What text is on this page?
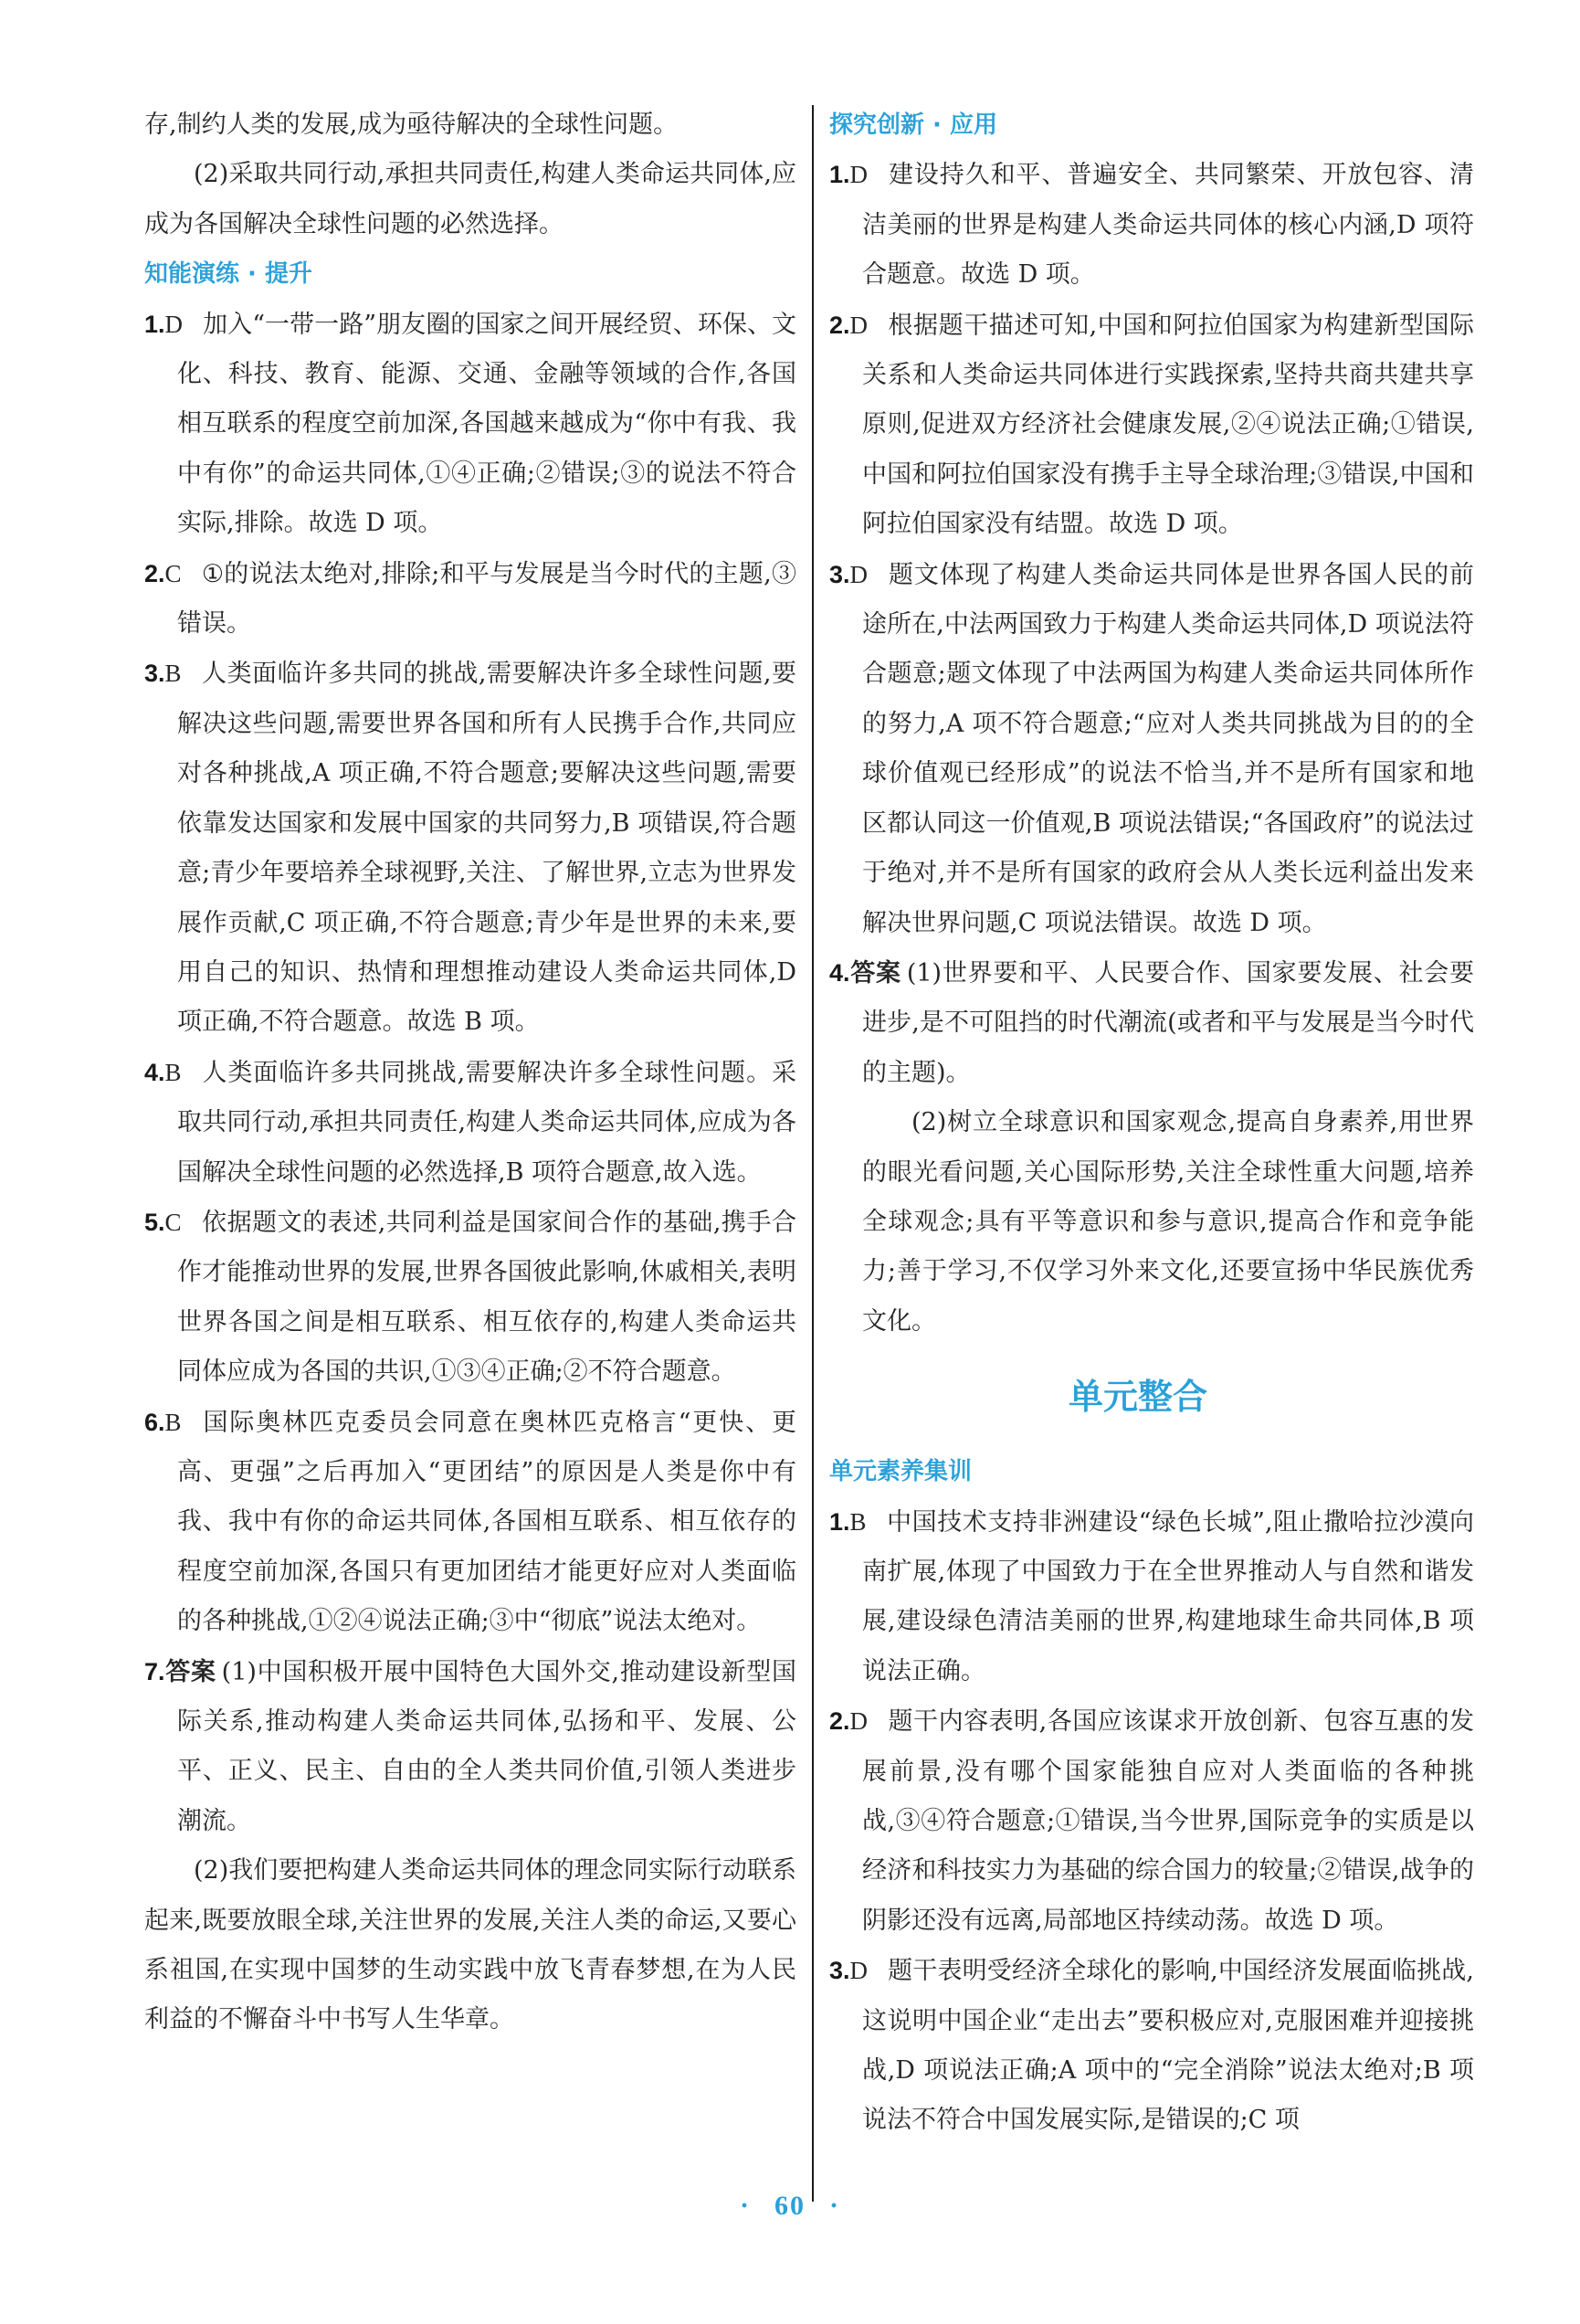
存,制约人类的发展,成为亟待解决的全球性问题。
(2)采取共同行动,承担共同责任,构建人类命运共同体,应成为各国解决全球性问题的必然选择。
知能演练 · 提升
1.D 加入“一带一路”朋友圈的国家之间开展经贸、环保、文化、科技、教育、能源、交通、金融等领域的合作,各国相互联系的程度空前加深,各国越来越成为“你中有我、我中有你”的命运共同体,①④正确;②错误;③的说法不符合实际,排除。故选 D 项。
2.C ①的说法太绝对,排除;和平与发展是当今时代的主题,③错误。
3.B 人类面临许多共同的挑战,需要解决许多全球性问题,要解决这些问题,需要世界各国和所有人民携手合作,共同应对各种挑战,A 项正确,不符合题意;要解决这些问题,需要依靠发达国家和发展中国家的共同努力,B 项错误,符合题意;青少年要培养全球视野,关注、了解世界,立志为世界发展作贡献,C 项正确,不符合题意;青少年是世界的未来,要用自己的知识、热情和理想推动建设人类命运共同体,D 项正确,不符合题意。故选 B 项。
4.B 人类面临许多共同挑战,需要解决许多全球性问题。采取共同行动,承担共同责任,构建人类命运共同体,应成为各国解决全球性问题的必然选择,B 项符合题意,故入选。
5.C 依据题文的表述,共同利益是国家间合作的基础,携手合作才能推动世界的发展,世界各国彼此影响,休戚相关,表明世界各国之间是相互联系、相互依存的,构建人类命运共同体应成为各国的共识,①③④正确;②不符合题意。
6.B 国际奥林匹克委员会同意在奥林匹克格言“更快、更高、更强”之后再加入“更团结”的原因是人类是你中有我、我中有你的命运共同体,各国相互联系、相互依存的程度空前加深,各国只有更加团结才能更好应对人类面临的各种挑战,①②④说法正确;③中“彻底”说法太绝对。
7.答案 (1)中国积极开展中国特色大国外交,推动建设新型国际关系,推动构建人类命运共同体,弘扬和平、发展、公平、正义、民主、自由的全人类共同价值,引领人类进步潮流。
(2)我们要把构建人类命运共同体的理念同实际行动联系起来,既要放眼全球,关注世界的发展,关注人类的命运,又要心系祖国,在实现中国梦的生动实践中放飞青春梦想,在为人民利益的不懈奋斗中书写人生华章。
探究创新 · 应用
1.D 建设持久和平、普遍安全、共同繁荣、开放包容、清洁美丽的世界是构建人类命运共同体的核心内涵,D 项符合题意。故选 D 项。
2.D 根据题干描述可知,中国和阿拉伯国家为构建新型国际关系和人类命运共同体进行实践探索,坚持共商共建共享原则,促进双方经济社会健康发展,②④说法正确;①错误,中国和阿拉伯国家没有携手主导全球治理;③错误,中国和阿拉伯国家没有结盟。故选 D 项。
3.D 题文体现了构建人类命运共同体是世界各国人民的前途所在,中法两国致力于构建人类命运共同体,D 项说法符合题意;题文体现了中法两国为构建人类命运共同体所作的努力,A 项不符合题意;“应对人类共同挑战为目的的全球价值观已经形成”的说法不恰当,并不是所有国家和地区都认同这一价值观,B 项说法错误;“各国政府”的说法过于绝对,并不是所有国家的政府会从人类长远利益出发来解决世界问题,C 项说法错误。故选 D 项。
4.答案 (1)世界要和平、人民要合作、国家要发展、社会要进步,是不可阻挡的时代潮流(或者和平与发展是当今时代的主题)。
(2)树立全球意识和国家观念,提高自身素养,用世界的眼光看问题,关心国际形势,关注全球性重大问题,培养全球观念;具有平等意识和参与意识,提高合作和竞争能力;善于学习,不仅学习外来文化,还要宣扬中华民族优秀文化。
单元整合
单元素养集训
1.B 中国技术支持非洲建设“绿色长城”,阻止撒哈拉沙漠向南扩展,体现了中国致力于在全世界推动人与自然和谐发展,建设绿色清洁美丽的世界,构建地球生命共同体,B 项说法正确。
2.D 题干内容表明,各国应该谋求开放创新、包容互惠的发展前景,没有哪个国家能独自应对人类面临的各种挑战,③④符合题意;①错误,当今世界,国际竞争的实质是以经济和科技实力为基础的综合国力的较量;②错误,战争的阴影还没有远离,局部地区持续动荡。故选 D 项。
3.D 题干表明受经济全球化的影响,中国经济发展面临挑战,这说明中国企业“走出去”要积极应对,克服困难并迎接挑战,D 项说法正确;A 项中的“完全消除”说法太绝对;B 项说法不符合中国发展实际,是错误的;C 项
· 60 ·
